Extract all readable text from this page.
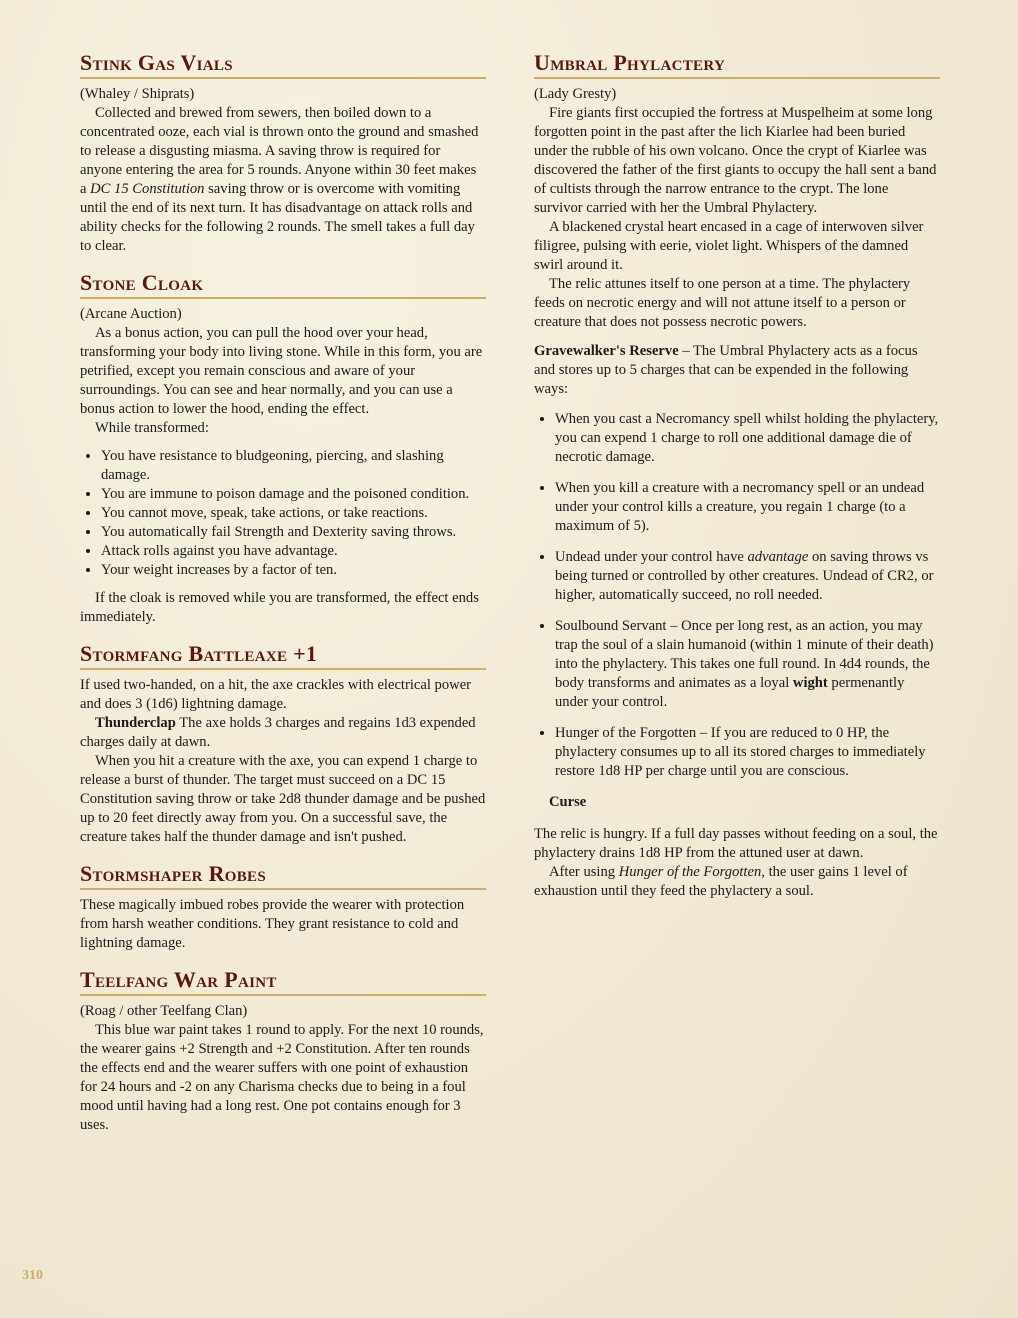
Stink Gas Vials

(Whaley / Shiprats)

Collected and brewed from sewers, then boiled down to a concentrated ooze, each vial is thrown onto the ground and smashed to release a disgusting miasma. A saving throw is required for anyone entering the area for 5 rounds. Anyone within 30 feet makes a DC 15 Constitution saving throw or is overcome with vomiting until the end of its next turn. It has disadvantage on attack rolls and ability checks for the following 2 rounds. The smell takes a full day to clear.

Stone Cloak

(Arcane Auction)

As a bonus action, you can pull the hood over your head, transforming your body into living stone. While in this form, you are petrified, except you remain conscious and aware of your surroundings. You can see and hear normally, and you can use a bonus action to lower the hood, ending the effect.

While transformed:

• You have resistance to bludgeoning, piercing, and slashing damage.
• You are immune to poison damage and the poisoned condition.
• You cannot move, speak, take actions, or take reactions.
• You automatically fail Strength and Dexterity saving throws.
• Attack rolls against you have advantage.
• Your weight increases by a factor of ten.

If the cloak is removed while you are transformed, the effect ends immediately.

Stormfang Battleaxe +1

If used two-handed, on a hit, the axe crackles with electrical power and does 3 (1d6) lightning damage.

Thunderclap The axe holds 3 charges and regains 1d3 expended charges daily at dawn.

When you hit a creature with the axe, you can expend 1 charge to release a burst of thunder. The target must succeed on a DC 15 Constitution saving throw or take 2d8 thunder damage and be pushed up to 20 feet directly away from you. On a successful save, the creature takes half the thunder damage and isn't pushed.

Stormshaper Robes

These magically imbued robes provide the wearer with protection from harsh weather conditions. They grant resistance to cold and lightning damage.

Teelfang War Paint

(Roag / other Teelfang Clan)

This blue war paint takes 1 round to apply. For the next 10 rounds, the wearer gains +2 Strength and +2 Constitution. After ten rounds the effects end and the wearer suffers with one point of exhaustion for 24 hours and -2 on any Charisma checks due to being in a foul mood until having had a long rest. One pot contains enough for 3 uses.

Umbral Phylactery

(Lady Gresty)

Fire giants first occupied the fortress at Muspelheim at some long forgotten point in the past after the lich Kiarlee had been buried under the rubble of his own volcano. Once the crypt of Kiarlee was discovered the father of the first giants to occupy the hall sent a band of cultists through the narrow entrance to the crypt. The lone survivor carried with her the Umbral Phylactery.

A blackened crystal heart encased in a cage of interwoven silver filigree, pulsing with eerie, violet light. Whispers of the damned swirl around it.

The relic attunes itself to one person at a time. The phylactery feeds on necrotic energy and will not attune itself to a person or creature that does not possess necrotic powers.

Gravewalker's Reserve – The Umbral Phylactery acts as a focus and stores up to 5 charges that can be expended in the following ways:

• When you cast a Necromancy spell whilst holding the phylactery, you can expend 1 charge to roll one additional damage die of necrotic damage.
• When you kill a creature with a necromancy spell or an undead under your control kills a creature, you regain 1 charge (to a maximum of 5).
• Undead under your control have advantage on saving throws vs being turned or controlled by other creatures. Undead of CR2, or higher, automatically succeed, no roll needed.
• Soulbound Servant – Once per long rest, as an action, you may trap the soul of a slain humanoid (within 1 minute of their death) into the phylactery. This takes one full round. In 4d4 rounds, the body transforms and animates as a loyal wight permenantly under your control.
• Hunger of the Forgotten – If you are reduced to 0 HP, the phylactery consumes up to all its stored charges to immediately restore 1d8 HP per charge until you are conscious.

Curse

The relic is hungry. If a full day passes without feeding on a soul, the phylactery drains 1d8 HP from the attuned user at dawn.

After using Hunger of the Forgotten, the user gains 1 level of exhaustion until they feed the phylactery a soul.

310
